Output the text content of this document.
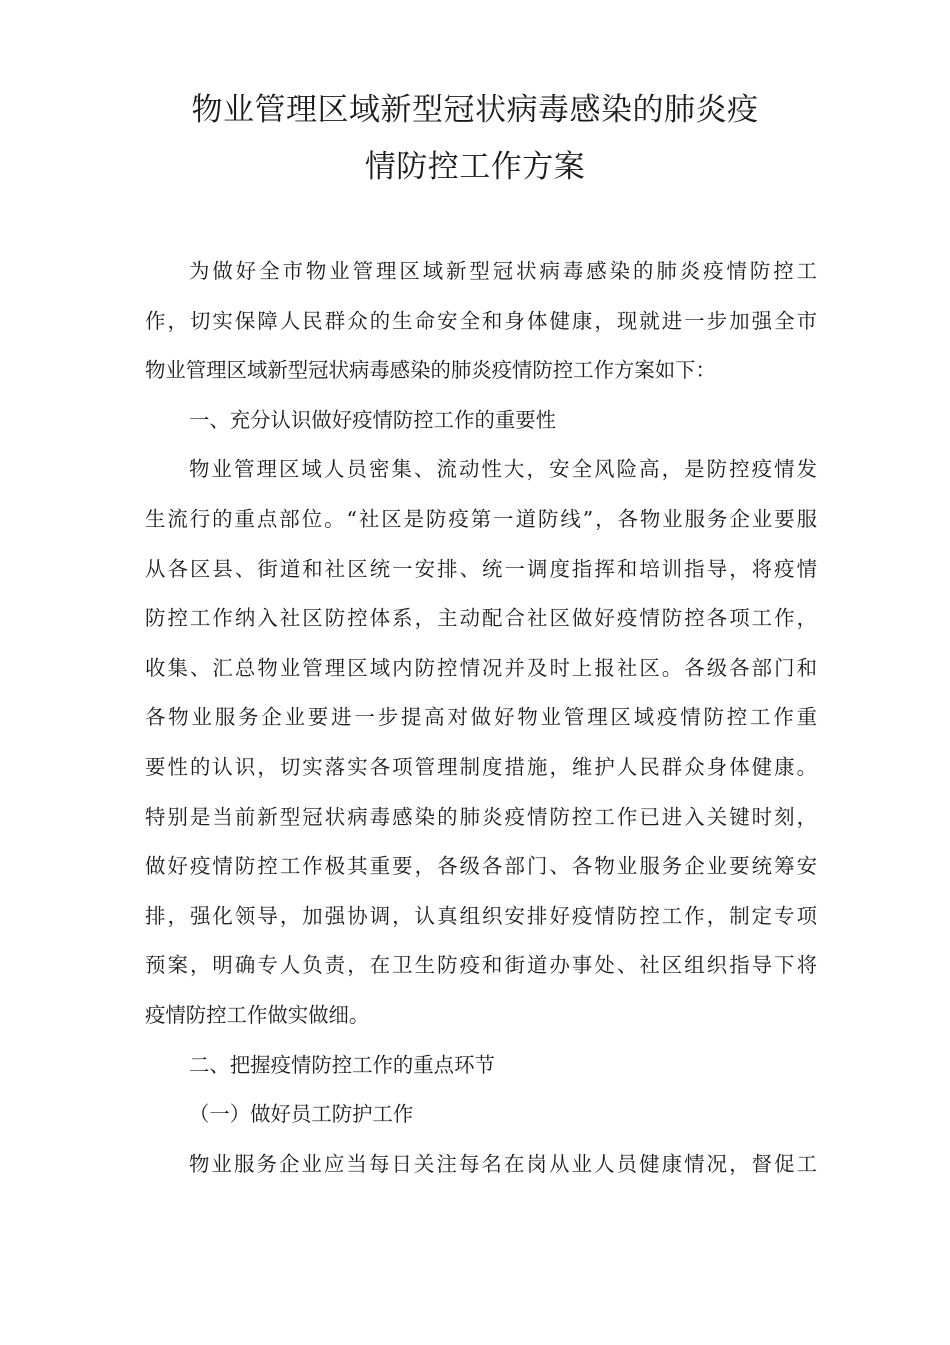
物业管理区域新型冠状病毒感染的肺炎疫
情防控工作方案
为做好全市物业管理区域新型冠状病毒感染的肺炎疫情防控工
作，切实保障人民群众的生命安全和身体健康，现就进一步加强全市
物业管理区域新型冠状病毒感染的肺炎疫情防控工作方案如下：
一、充分认识做好疫情防控工作的重要性
物业管理区域人员密集、流动性大，安全风险高，是防控疫情发
生流行的重点部位。“社区是防疫第一道防线”，各物业服务企业要服
从各区县、街道和社区统一安排、统一调度指挥和培训指导，将疫情
防控工作纳入社区防控体系，主动配合社区做好疫情防控各项工作，
收集、汇总物业管理区域内防控情况并及时上报社区。各级各部门和
各物业服务企业要进一步提高对做好物业管理区域疫情防控工作重
要性的认识，切实落实各项管理制度措施，维护人民群众身体健康。
特别是当前新型冠状病毒感染的肺炎疫情防控工作已进入关键时刻，
做好疫情防控工作极其重要，各级各部门、各物业服务企业要统筹安
排，强化领导，加强协调，认真组织安排好疫情防控工作，制定专项
预案，明确专人负责，在卫生防疫和街道办事处、社区组织指导下将
疫情防控工作做实做细。
二、把握疫情防控工作的重点环节
（一）做好员工防护工作
物业服务企业应当每日关注每名在岗从业人员健康情况，督促工
